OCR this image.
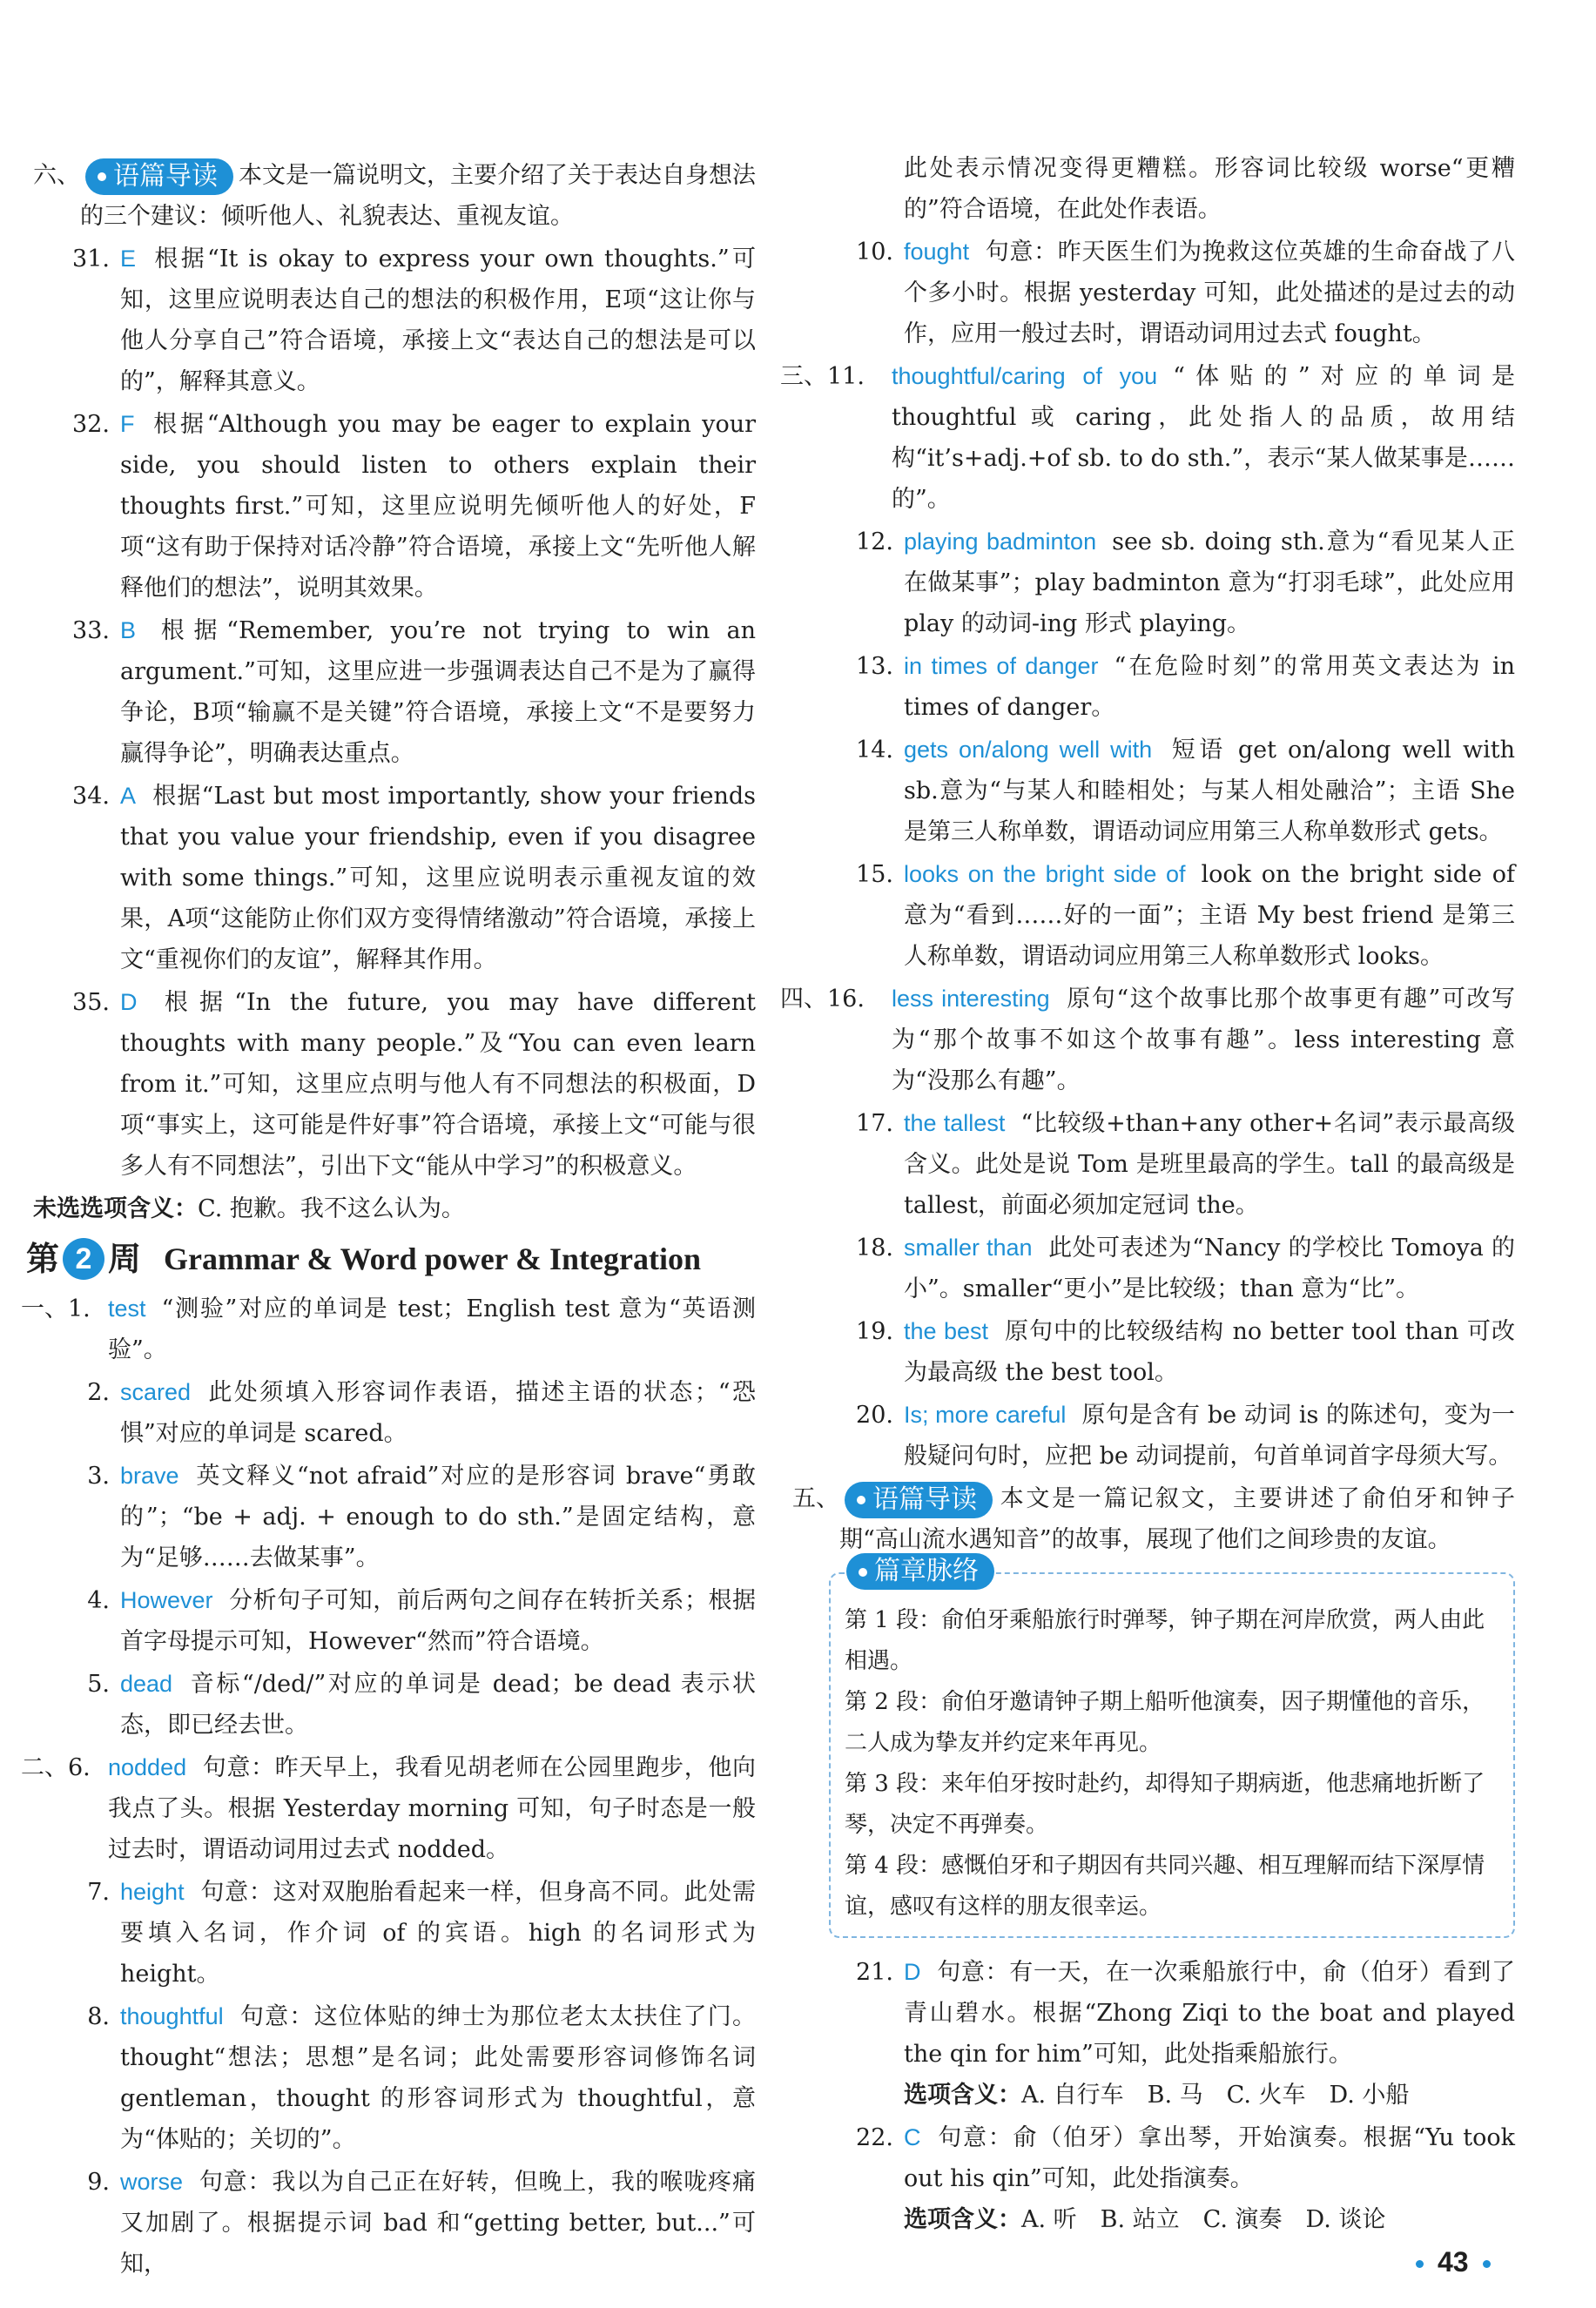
六、	语篇导读 本文是一篇说明文，主要介绍了关于表达自身想法的三个建议：倾听他人、礼貌表达、重视友谊。
31. E 根据“It is okay to express your own thoughts.”可知，这里应说明表达自己的想法的积极作用，E项“这让你与他人分享自己”符合语境，承接上文“表达自己的想法是可以的”，解释其意义。
32. F 根据“Although you may be eager to explain your side, you should listen to others explain their thoughts first.”可知，这里应说明先倾听他人的好处，F项“这有助于保持对话冷静”符合语境，承接上文“先听他人解释他们的想法”，说明其效果。
33. B 根据“Remember, you’re not trying to win an argument.”可知，这里应进一步强调表达自己不是为了赢得争论，B项“输赢不是关键”符合语境，承接上文“不是要努力赢得争论”，明确表达重点。
34. A 根据“Last but most importantly, show your friends that you value your friendship, even if you disagree with some things.”可知，这里应说明表示重视友谊的效果，A项“这能防止你们双方变得情绪激动”符合语境，承接上文“重视你们的友谊”，解释其作用。
35. D 根据“In the future, you may have different thoughts with many people.”及“You can even learn from it.”可知，这里应点明与他人有不同想法的积极面，D项“事实上，这可能是件好事”符合语境，承接上文“可能与很多人有不同想法”，引出下文“能从中学习”的积极意义。

未选选项含义：C. 抱歉。我不这么认为。

第 2 周 Grammar & Word power & Integration
一、1. test “测验”对应的单词是 test；English test 意为“英语测验”。
2. scared 此处须填入形容词作表语，描述主语的状态；“恐惧”对应的单词是 scared。
3. brave 英文释义“not afraid”对应的是形容词 brave“勇敢的”；“be + adj. + enough to do sth.”是固定结构，意为“足够……去做某事”。
4. However 分析句子可知，前后两句之间存在转折关系；根据首字母提示可知，However“然而”符合语境。
5. dead 音标“/ded/”对应的单词是 dead；be dead 表示状态，即已经去世。
二、6. nodded 句意：昨天早上，我看见胡老师在公园里跑步，他向我点了头。根据 Yesterday morning 可知，句子时态是一般过去时，谓语动词用过去式 nodded。
7. height 句意：这对双胞胎看起来一样，但身高不同。此处需要填入名词，作介词 of 的宾语。high 的名词形式为 height。
8. thoughtful 句意：这位体贴的绅士为那位老太太扶住了门。thought“想法；思想”是名词；此处需要形容词修饰名词 gentleman，thought 的形容词形式为 thoughtful，意为“体贴的；关切的”。
9. worse 句意：我以为自己正在好转，但晚上，我的喉咙疼痛又加剧了。根据提示词 bad 和“getting better, but...”可知，
此处表示情况变得更糟糕。形容词比较级 worse“更糟的”符合语境，在此处作表语。
10. fought 句意：昨天医生们为挽救这位英雄的生命奋战了八个多小时。根据 yesterday 可知，此处描述的是过去的动作，应用一般过去时，谓语动词用过去式 fought。
三、11.	thoughtful/caring of you “体贴的”对应的单词是 thoughtful 或 caring，此处指人的品质，故用结构“it’s+adj.+of sb. to do sth.”，表示“某人做某事是……的”。
12. playing badminton see sb. doing sth.意为“看见某人正在做某事”；play badminton 意为“打羽毛球”，此处应用 play 的动词-ing 形式 playing。
13. in times of danger “在危险时刻”的常用英文表达为 in times of danger。
14. gets on/along well with 短语 get on/along well with sb.意为“与某人和睦相处；与某人相处融洽”；主语 She 是第三人称单数，谓语动词应用第三人称单数形式 gets。
15. looks on the bright side of look on the bright side of 意为“看到……好的一面”；主语 My best friend 是第三人称单数，谓语动词应用第三人称单数形式 looks。
四、16.	less interesting 原句“这个故事比那个故事更有趣”可改写为“那个故事不如这个故事有趣”。less interesting 意为“没那么有趣”。
17. the tallest “比较级+than+any other+名词”表示最高级含义。此处是说 Tom 是班里最高的学生。tall 的最高级是 tallest，前面必须加定冠词 the。
18. smaller than 此处可表述为“Nancy 的学校比 Tomoya 的小”。smaller“更小”是比较级；than 意为“比”。
19. the best 原句中的比较级结构 no better tool than 可改为最高级 the best tool。
20. Is; more careful 原句是含有 be 动词 is 的陈述句，变为一般疑问句时，应把 be 动词提前，句首单词首字母须大写。
五、	语篇导读 本文是一篇记叙文，主要讲述了俞伯牙和钟子期“高山流水遇知音”的故事，展现了他们之间珍贵的友谊。
篇章脉络
第 1 段：俞伯牙乘船旅行时弹琴，钟子期在河岸欣赏，两人由此相遇。
第 2 段：俞伯牙邀请钟子期上船听他演奏，因子期懂他的音乐，二人成为挚友并约定来年再见。
第 3 段：来年伯牙按时赴约，却得知子期病逝，他悲痛地折断了琴，决定不再弹奏。
第 4 段：感慨伯牙和子期因有共同兴趣、相互理解而结下深厚情谊，感叹有这样的朋友很幸运。
21. D 句意：有一天，在一次乘船旅行中，俞（伯牙）看到了青山碧水。根据“Zhong Ziqi to the boat and played the qin for him”可知，此处指乘船旅行。
选项含义：A. 自行车　B. 马　C. 火车　D. 小船
22. C 句意：俞（伯牙）拿出琴，开始演奏。根据“Yu took out his qin”可知，此处指演奏。
选项含义：A. 听　B. 站立　C. 演奏　D. 谈论
43
